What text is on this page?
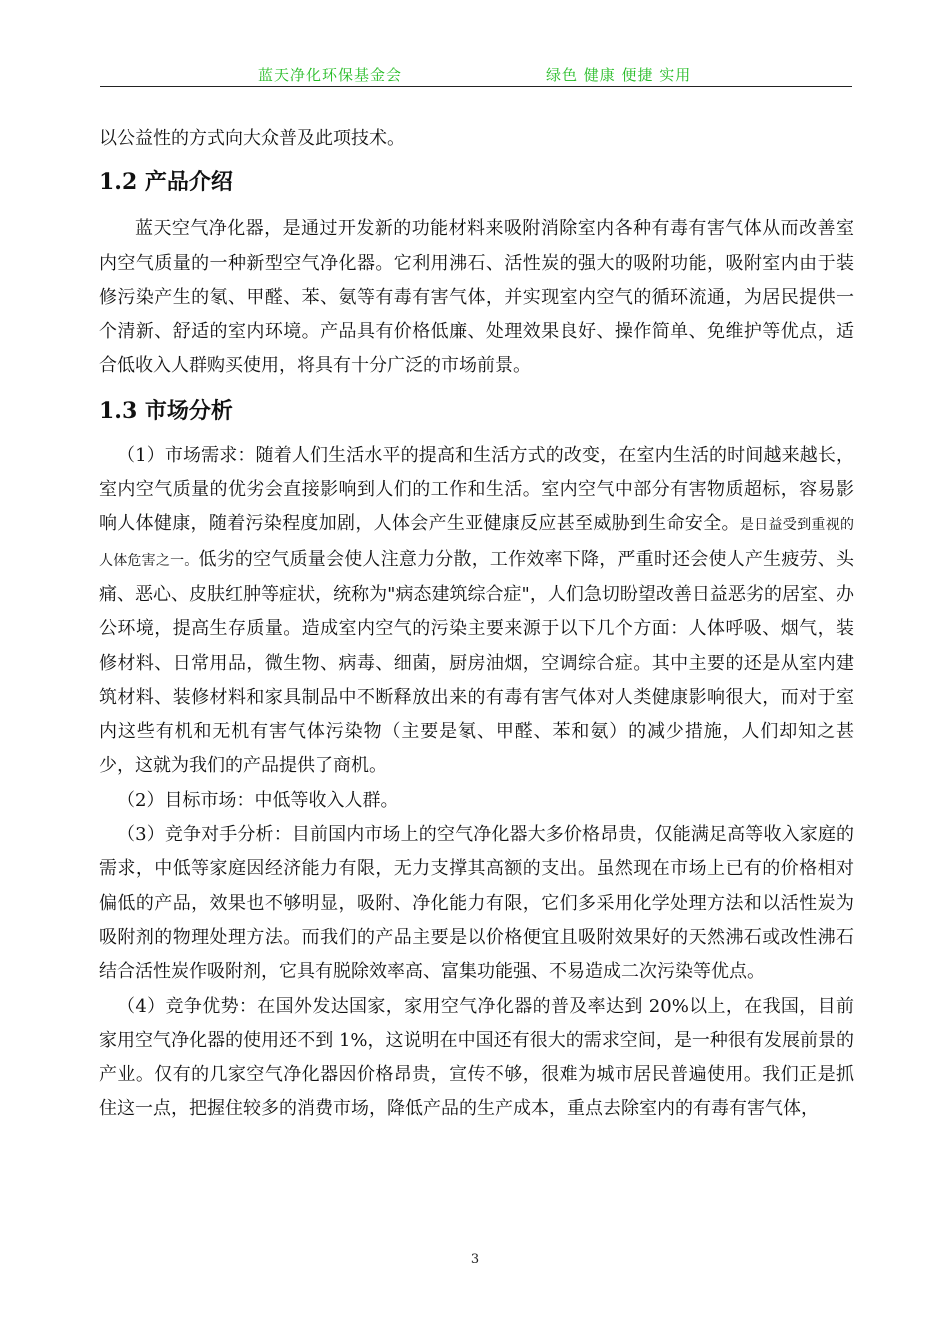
蓝天净化环保基金会	绿色 健康 便捷 实用

以公益性的方式向大众普及此项技术。

1.2 产品介绍

蓝天空气净化器，是通过开发新的功能材料来吸附消除室内各种有毒有害气体从而改善室内空气质量的一种新型空气净化器。它利用沸石、活性炭的强大的吸附功能，吸附室内由于装修污染产生的氡、甲醛、苯、氨等有毒有害气体，并实现室内空气的循环流通，为居民提供一个清新、舒适的室内环境。产品具有价格低廉、处理效果良好、操作简单、免维护等优点，适合低收入人群购买使用，将具有十分广泛的市场前景。

1.3 市场分析

（1）市场需求：随着人们生活水平的提高和生活方式的改变，在室内生活的时间越来越长，室内空气质量的优劣会直接影响到人们的工作和生活。室内空气中部分有害物质超标，容易影响人体健康，随着污染程度加剧，人体会产生亚健康反应甚至威胁到生命安全。是日益受到重视的人体危害之一。低劣的空气质量会使人注意力分散，工作效率下降，严重时还会使人产生疲劳、头痛、恶心、皮肤红肿等症状，统称为"病态建筑综合症"，人们急切盼望改善日益恶劣的居室、办公环境，提高生存质量。造成室内空气的污染主要来源于以下几个方面：人体呼吸、烟气，装修材料、日常用品，微生物、病毒、细菌，厨房油烟，空调综合症。其中主要的还是从室内建筑材料、装修材料和家具制品中不断释放出来的有毒有害气体对人类健康影响很大，而对于室内这些有机和无机有害气体污染物（主要是氡、甲醛、苯和氨）的减少措施，人们却知之甚少，这就为我们的产品提供了商机。

（2）目标市场：中低等收入人群。

（3）竞争对手分析：目前国内市场上的空气净化器大多价格昂贵，仅能满足高等收入家庭的需求，中低等家庭因经济能力有限，无力支撑其高额的支出。虽然现在市场上已有的价格相对偏低的产品，效果也不够明显，吸附、净化能力有限，它们多采用化学处理方法和以活性炭为吸附剂的物理处理方法。而我们的产品主要是以价格便宜且吸附效果好的天然沸石或改性沸石结合活性炭作吸附剂，它具有脱除效率高、富集功能强、不易造成二次污染等优点。

（4）竞争优势：在国外发达国家，家用空气净化器的普及率达到 20%以上，在我国，目前家用空气净化器的使用还不到 1%，这说明在中国还有很大的需求空间，是一种很有发展前景的产业。仅有的几家空气净化器因价格昂贵，宣传不够，很难为城市居民普遍使用。我们正是抓住这一点，把握住较多的消费市场，降低产品的生产成本，重点去除室内的有毒有害气体，

3
